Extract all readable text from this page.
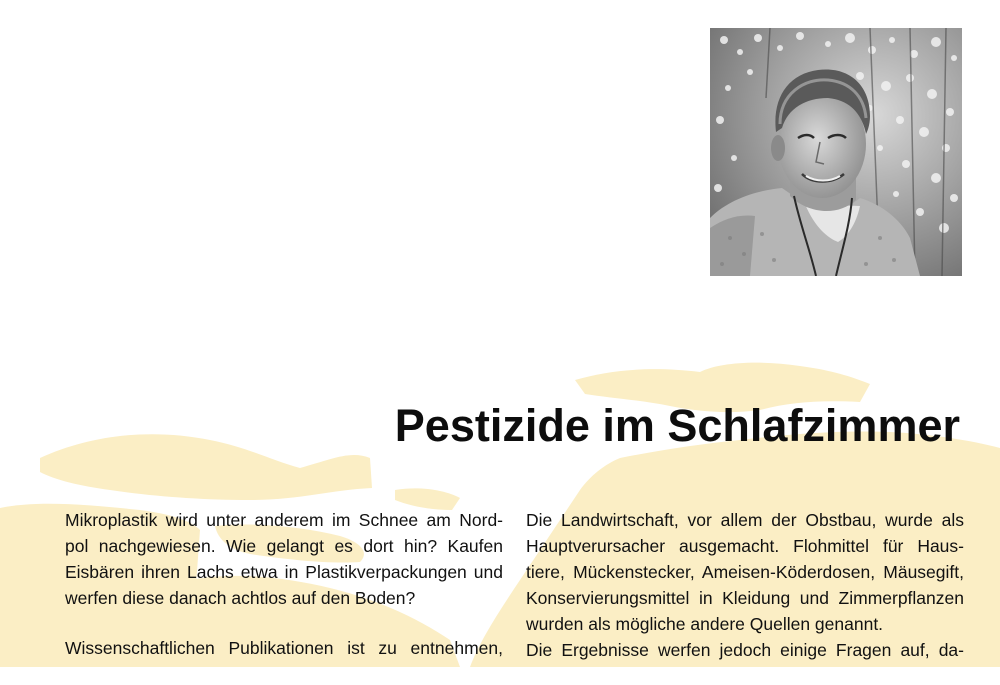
Pestizide im Schlafzimmer

Mikroplastik wird unter anderem im Schnee am Nord-
pol nachgewiesen. Wie gelangt es dort hin? Kaufen
Eisbären ihren Lachs etwa in Plastikverpackungen und
werfen diese danach achtlos auf den Boden?

Wissenschaftlichen Publikationen ist zu entnehmen,

Die Landwirtschaft, vor allem der Obstbau, wurde als
Hauptverursacher ausgemacht. Flohmittel für Haus-
tiere, Mückenstecker, Ameisen-Köderdosen, Mäusegift,
Konservierungsmittel in Kleidung und Zimmerpflanzen
wurden als mögliche andere Quellen genannt.

Die Ergebnisse werfen jedoch einige Fragen auf, da-
